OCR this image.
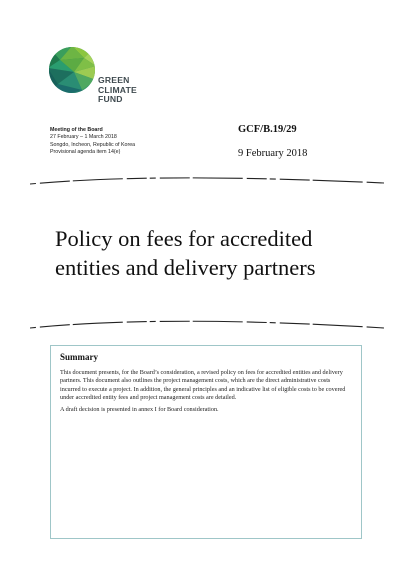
GREEN
CLIMATE
FUND
Meeting of the Board
27 February – 1 March 2018
Songdo, Incheon, Republic of Korea
Provisional agenda item 14(e)
GCF/B.19/29
9 February 2018
Policy on fees for accredited
entities and delivery partners

Summary

This document presents, for the Board’s consideration, a revised policy on fees for accredited entities and delivery partners. This document also outlines the project management costs, which are the direct administrative costs incurred to execute a project. In addition, the general principles and an indicative list of eligible costs to be covered under accredited entity fees and project management costs are detailed.

A draft decision is presented in annex I for Board consideration.
